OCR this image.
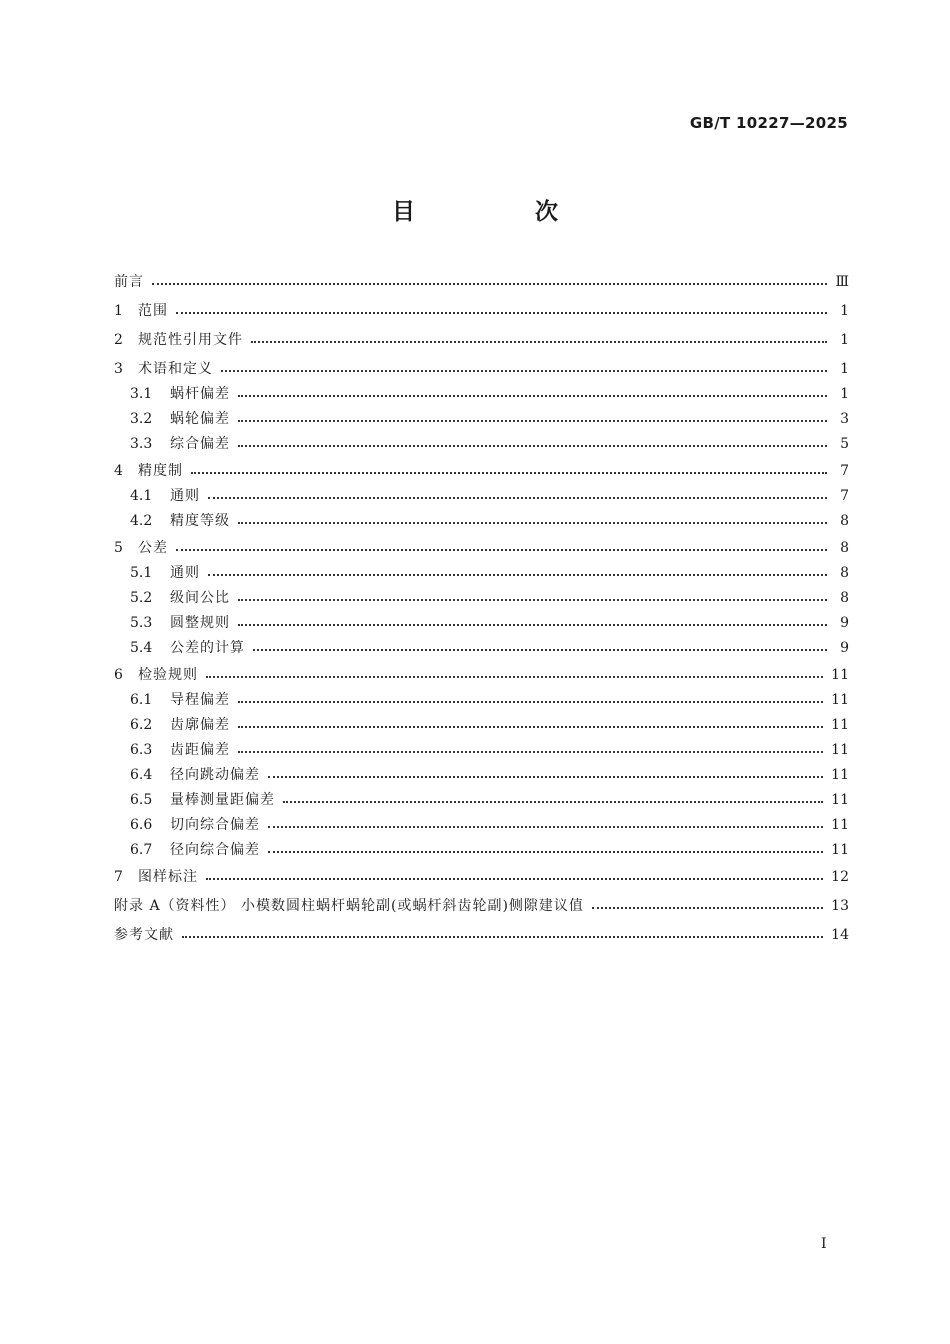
GB/T 10227—2025
目 次
前言	Ⅲ
1	范围	1
2	规范性引用文件	1
3	术语和定义	1
3.1	蜗杆偏差	1
3.2	蜗轮偏差	3
3.3	综合偏差	5
4	精度制	7
4.1	通则	7
4.2	精度等级	8
5	公差	8
5.1	通则	8
5.2	级间公比	8
5.3	圆整规则	9
5.4	公差的计算	9
6	检验规则	11
6.1	导程偏差	11
6.2	齿廓偏差	11
6.3	齿距偏差	11
6.4	径向跳动偏差	11
6.5	量棒测量距偏差	11
6.6	切向综合偏差	11
6.7	径向综合偏差	11
7	图样标注	12
附录 A（资料性） 小模数圆柱蜗杆蜗轮副(或蜗杆斜齿轮副)侧隙建议值	13
参考文献	14
Ⅰ
